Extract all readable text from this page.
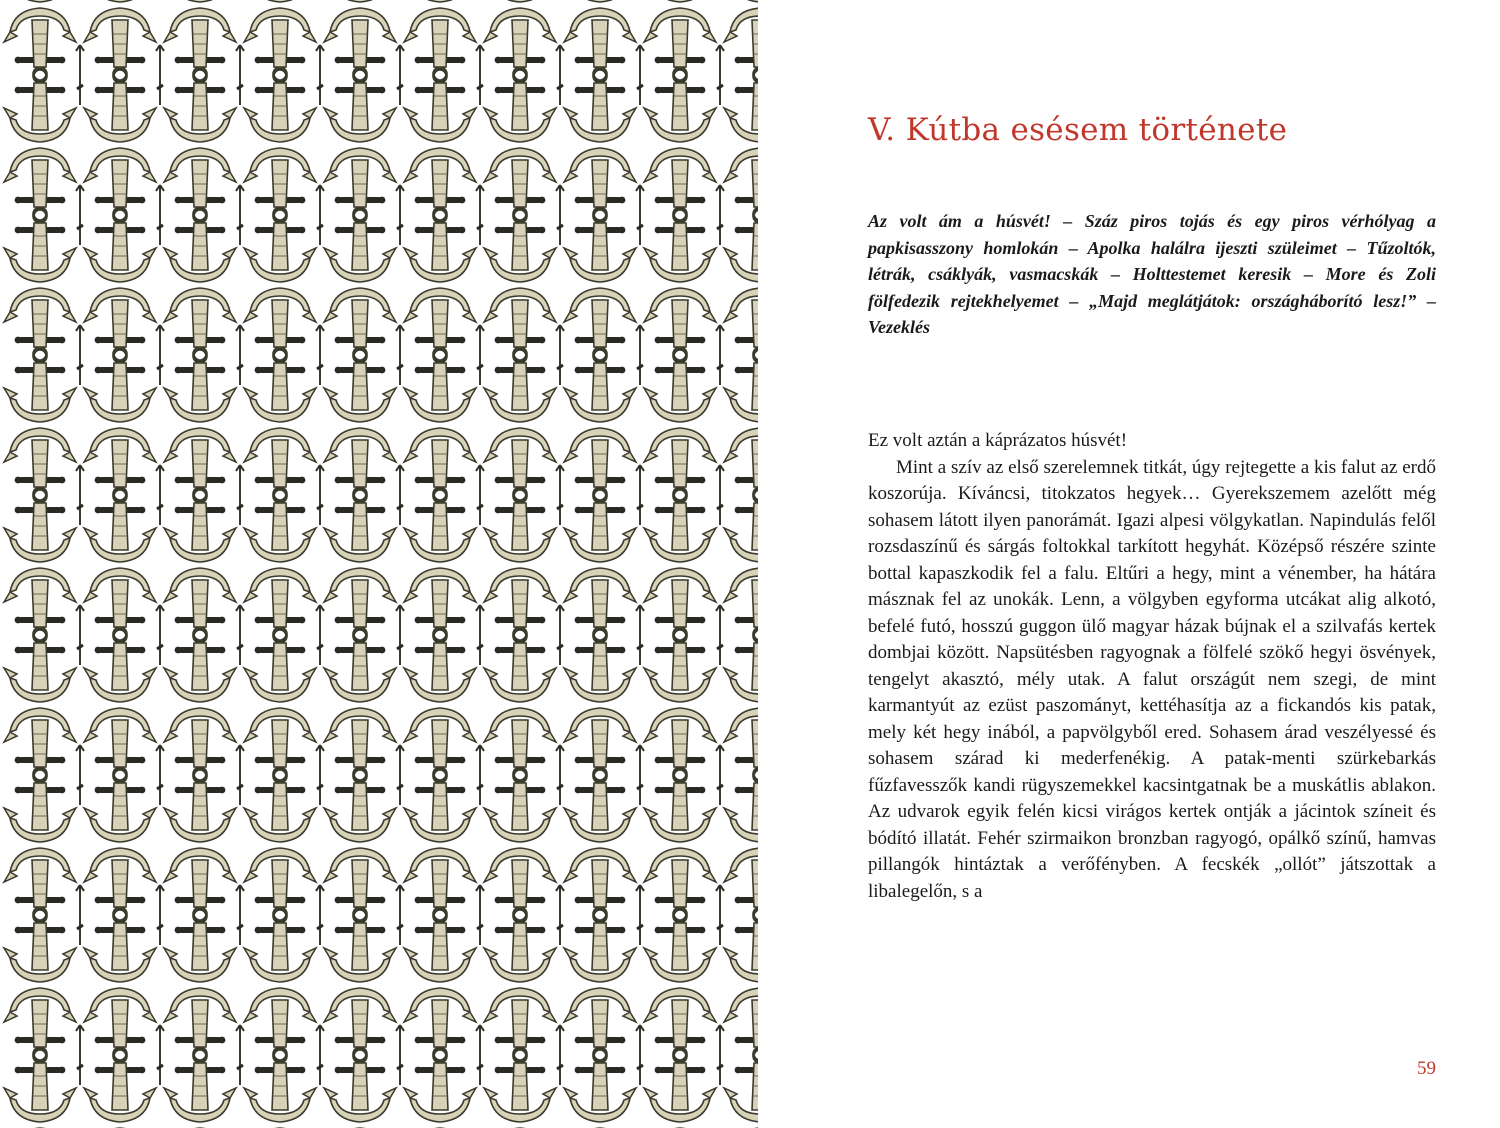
V. Kútba esésem története

Az volt ám a húsvét! – Száz piros tojás és egy piros vérhólyag a papkisasszony homlokán – Apolka halálra ijeszti szüleimet – Tűzoltók, létrák, csáklyák, vasmacskák – Holttestemet keresik – More és Zoli fölfedezik rejtekhelyemet – „Majd meglátjátok: országháborító lesz!” – Vezeklés

Ez volt aztán a káprázatos húsvét!

Mint a szív az első szerelemnek titkát, úgy rejtegette a kis falut az erdő koszorúja. Kíváncsi, titokzatos hegyek… Gyerekszemem azelőtt még sohasem látott ilyen panorámát. Igazi alpesi völgykatlan. Napindulás felől rozsdaszínű és sárgás foltokkal tarkított hegyhát. Középső részére szinte bottal kapaszkodik fel a falu. Eltűri a hegy, mint a vénember, ha hátára másznak fel az unokák. Lenn, a völgyben egyforma utcákat alig alkotó, befelé futó, hosszú guggon ülő magyar házak bújnak el a szilvafás kertek dombjai között. Napsütésben ragyognak a fölfelé szökő hegyi ösvények, tengelyt akasztó, mély utak. A falut országút nem szegi, de mint karmantyút az ezüst paszományt, kettéhasítja az a fickandós kis patak, mely két hegy inából, a papvölgyből ered. Sohasem árad veszélyessé és sohasem szárad ki mederfenékig. A patak-menti szürkebarkás fűzfavesszők kandi rügyszemekkel kacsintgatnak be a muskátlis ablakon. Az udvarok egyik felén kicsi virágos kertek ontják a jácintok színeit és bódító illatát. Fehér szirmaikon bronzban ragyogó, opálkő színű, hamvas pillangók hintáztak a verőfényben. A fecskék „ollót” játszottak a libalegelőn, s a

59
